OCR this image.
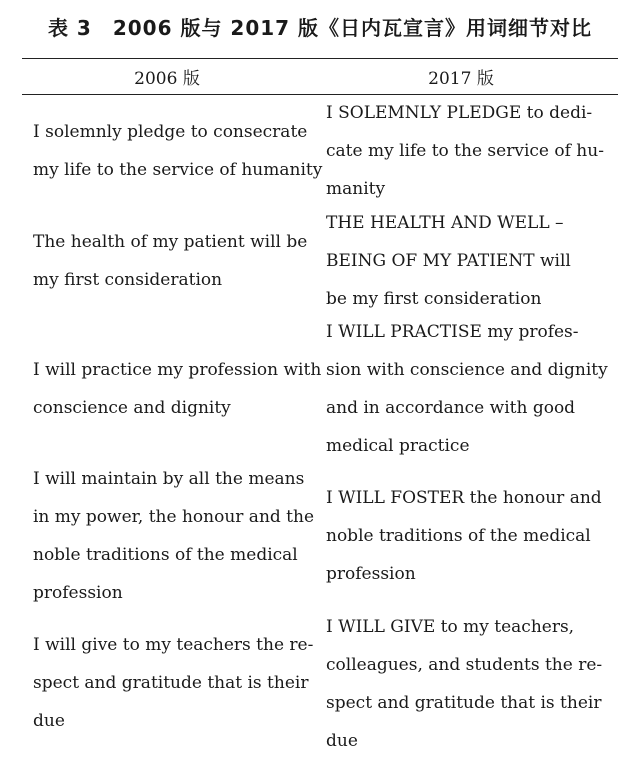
表 3　2006 版与 2017 版《日内瓦宣言》用词细节对比
2006 版	2017 版
I solemnly pledge to consecrate
my life to the service of humanity
I SOLEMNLY PLEDGE to dedi-
cate my life to the service of hu-
manity
The health of my patient will be
my first consideration
THE HEALTH AND WELL –
BEING OF MY PATIENT will
be my first consideration
I will practice my profession with
conscience and dignity
I WILL PRACTISE my profes-
sion with conscience and dignity
and in accordance with good
medical practice
I will maintain by all the means
in my power, the honour and the
noble traditions of the medical
profession
I WILL FOSTER the honour and
noble traditions of the medical
profession
I will give to my teachers the re-
spect and gratitude that is their
due
I WILL GIVE to my teachers,
colleagues, and students the re-
spect and gratitude that is their
due
